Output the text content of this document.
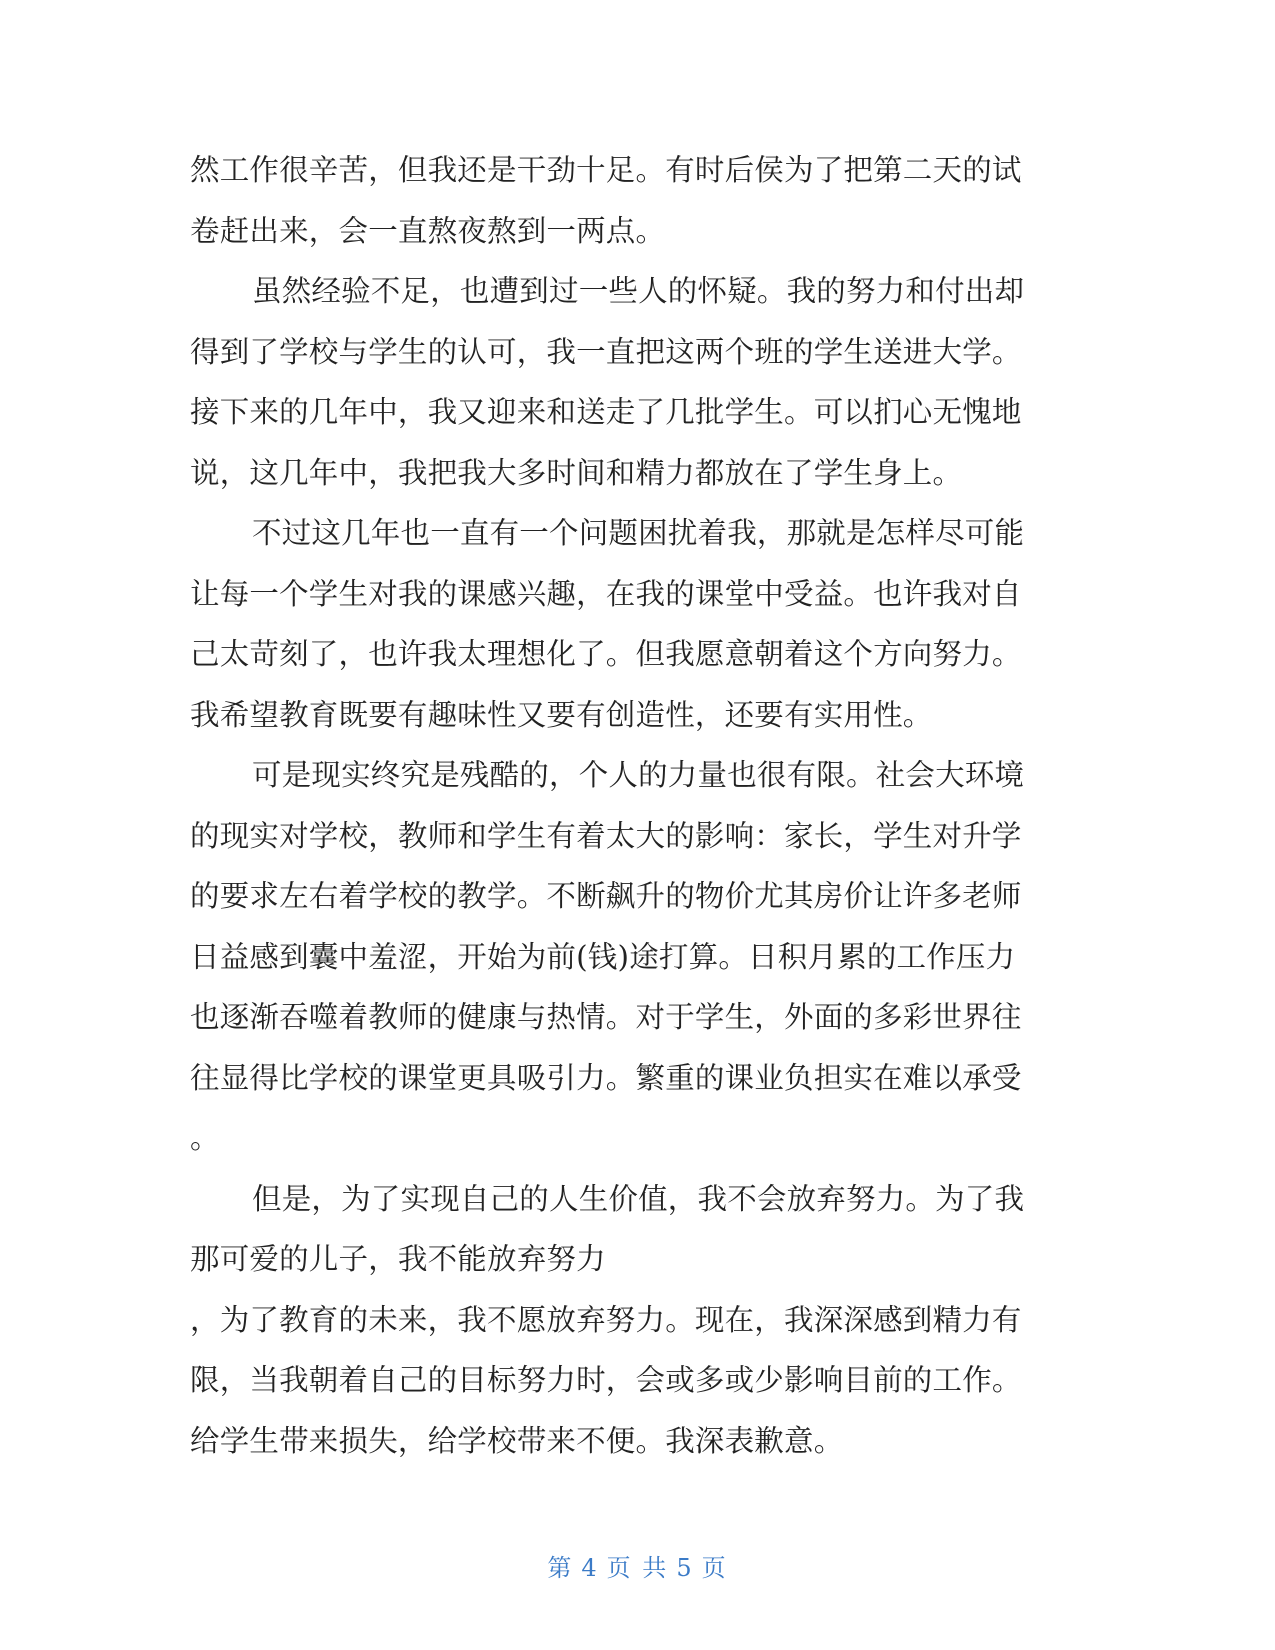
然工作很辛苦，但我还是干劲十足。有时后侯为了把第二天的试
卷赶出来，会一直熬夜熬到一两点。
虽然经验不足，也遭到过一些人的怀疑。我的努力和付出却
得到了学校与学生的认可，我一直把这两个班的学生送进大学。
接下来的几年中，我又迎来和送走了几批学生。可以扪心无愧地
说，这几年中，我把我大多时间和精力都放在了学生身上。
不过这几年也一直有一个问题困扰着我，那就是怎样尽可能
让每一个学生对我的课感兴趣，在我的课堂中受益。也许我对自
己太苛刻了，也许我太理想化了。但我愿意朝着这个方向努力。
我希望教育既要有趣味性又要有创造性，还要有实用性。
可是现实终究是残酷的，个人的力量也很有限。社会大环境
的现实对学校，教师和学生有着太大的影响：家长，学生对升学
的要求左右着学校的教学。不断飙升的物价尤其房价让许多老师
日益感到囊中羞涩，开始为前(钱)途打算。日积月累的工作压力
也逐渐吞噬着教师的健康与热情。对于学生，外面的多彩世界往
往显得比学校的课堂更具吸引力。繁重的课业负担实在难以承受
。
但是，为了实现自己的人生价值，我不会放弃努力。为了我
那可爱的儿子，我不能放弃努力
，为了教育的未来，我不愿放弃努力。现在，我深深感到精力有
限，当我朝着自己的目标努力时，会或多或少影响目前的工作。
给学生带来损失，给学校带来不便。我深表歉意。
第 4 页 共 5 页
